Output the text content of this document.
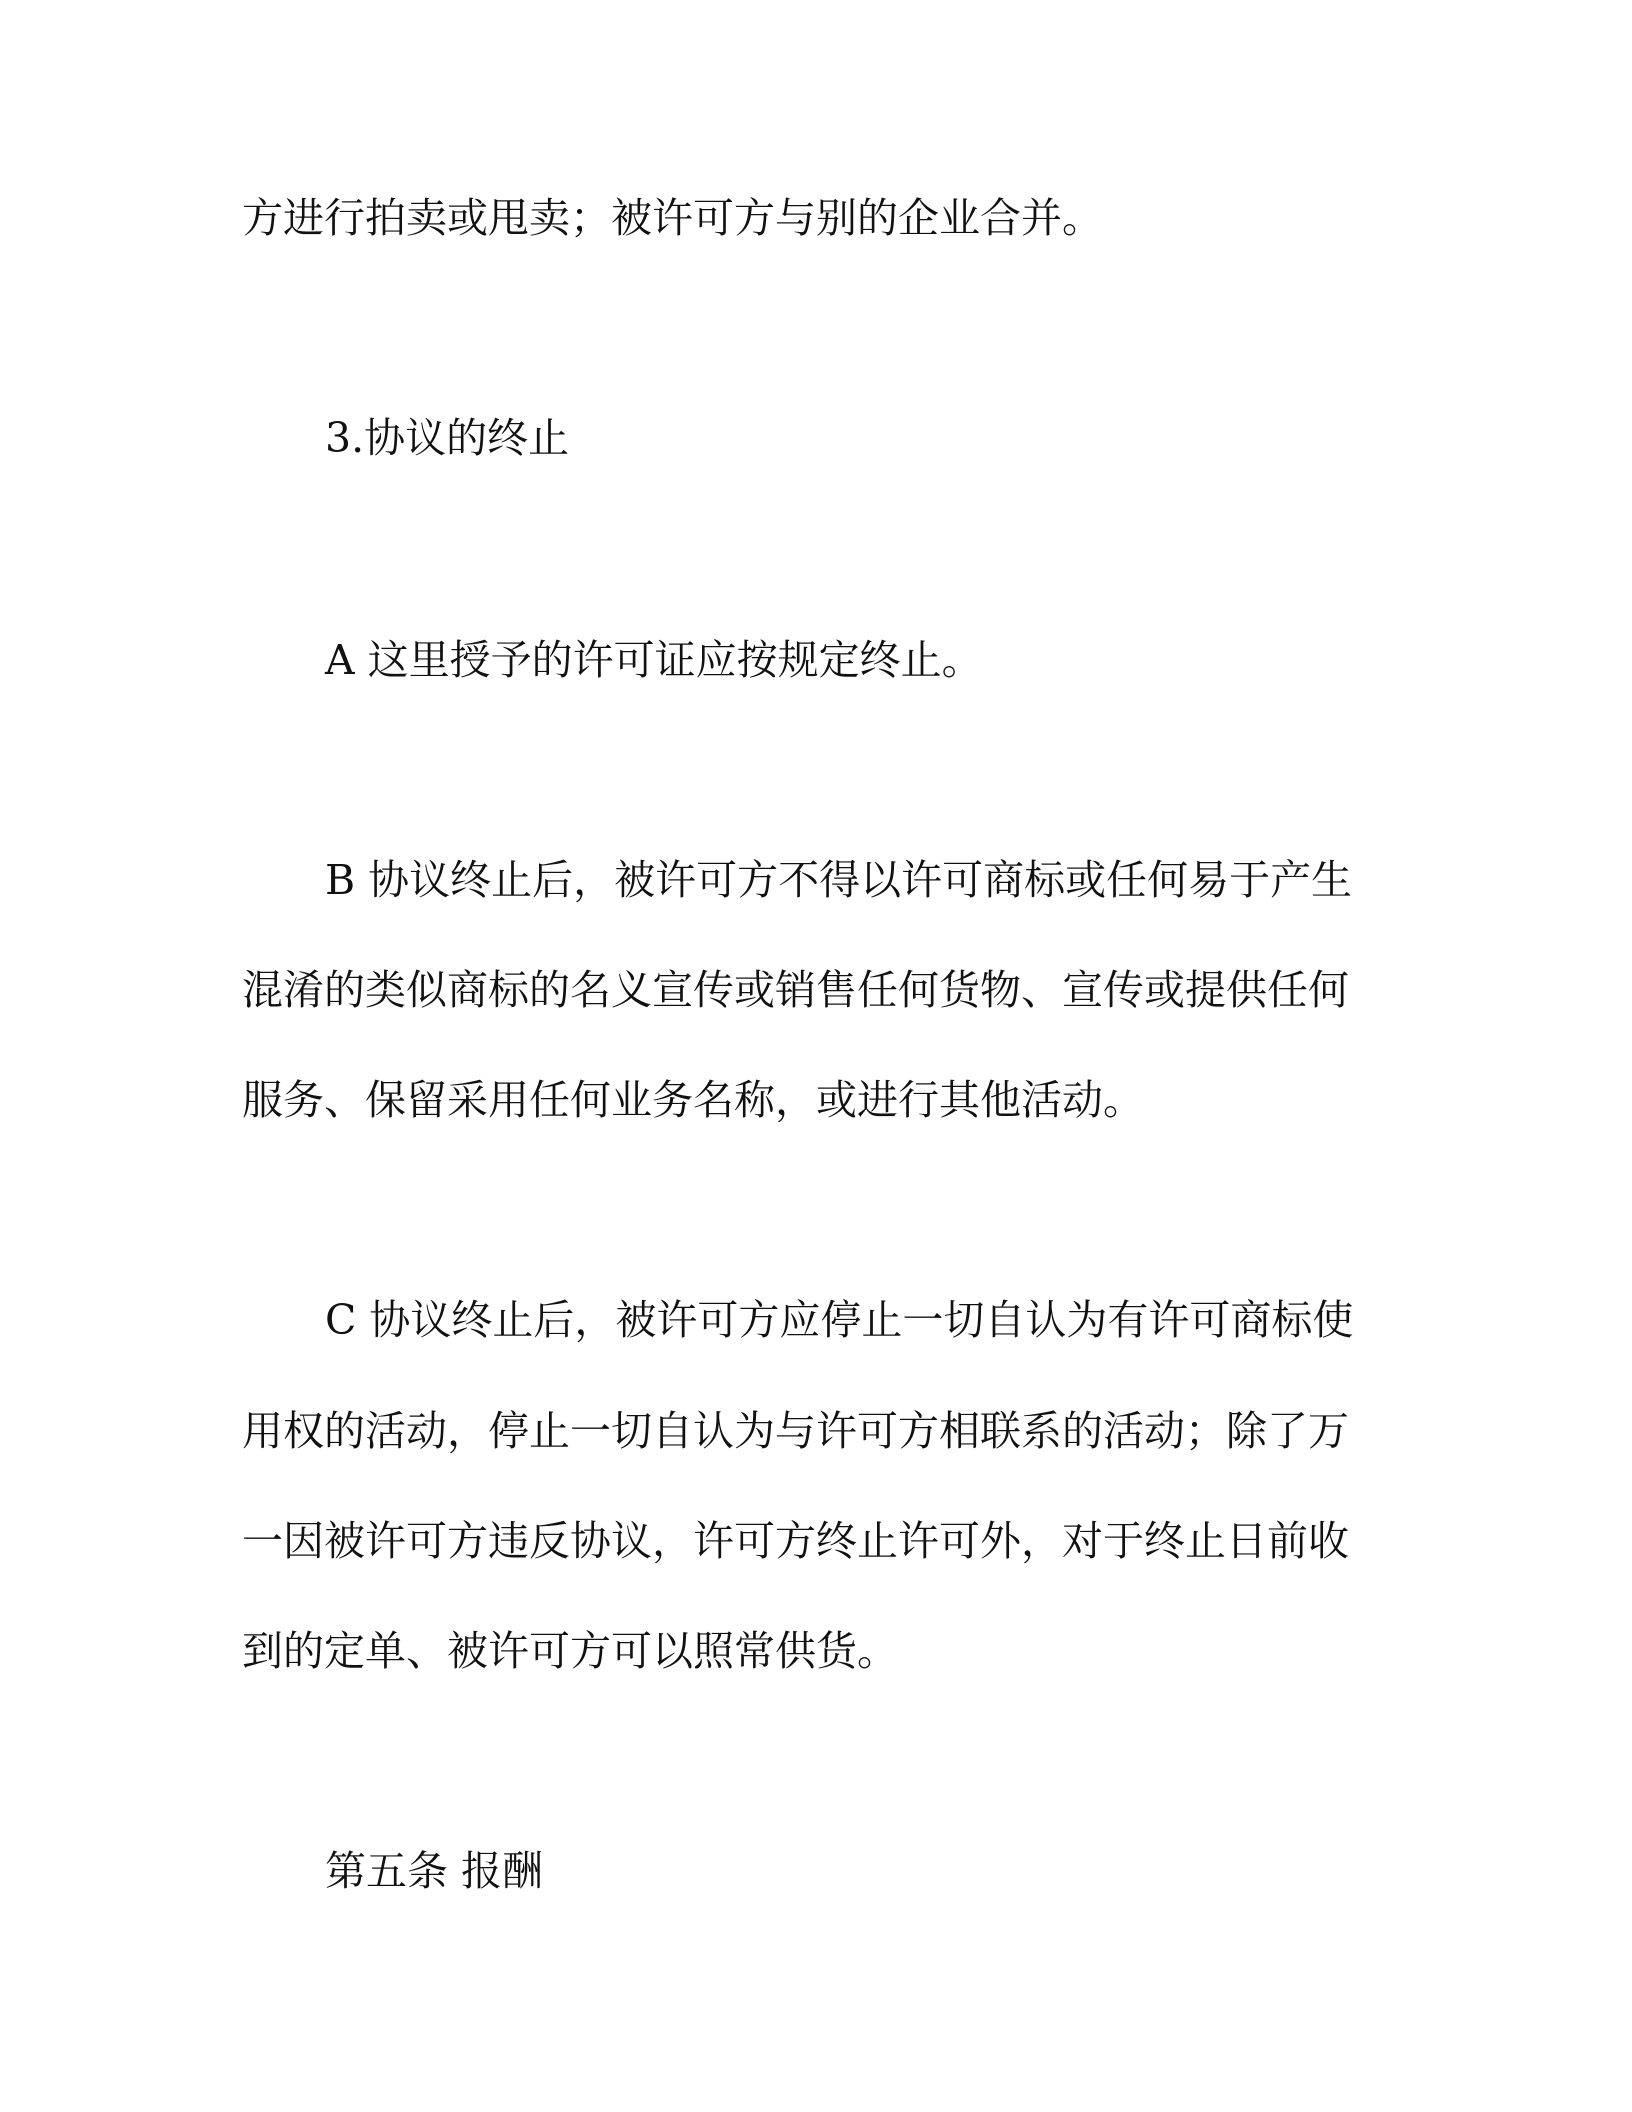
方进行拍卖或甩卖；被许可方与别的企业合并。

3.协议的终止

A 这里授予的许可证应按规定终止。

B 协议终止后，被许可方不得以许可商标或任何易于产生

混淆的类似商标的名义宣传或销售任何货物、宣传或提供任何

服务、保留采用任何业务名称，或进行其他活动。

C 协议终止后，被许可方应停止一切自认为有许可商标使

用权的活动，停止一切自认为与许可方相联系的活动；除了万

一因被许可方违反协议，许可方终止许可外，对于终止日前收

到的定单、被许可方可以照常供货。

第五条 报酬
